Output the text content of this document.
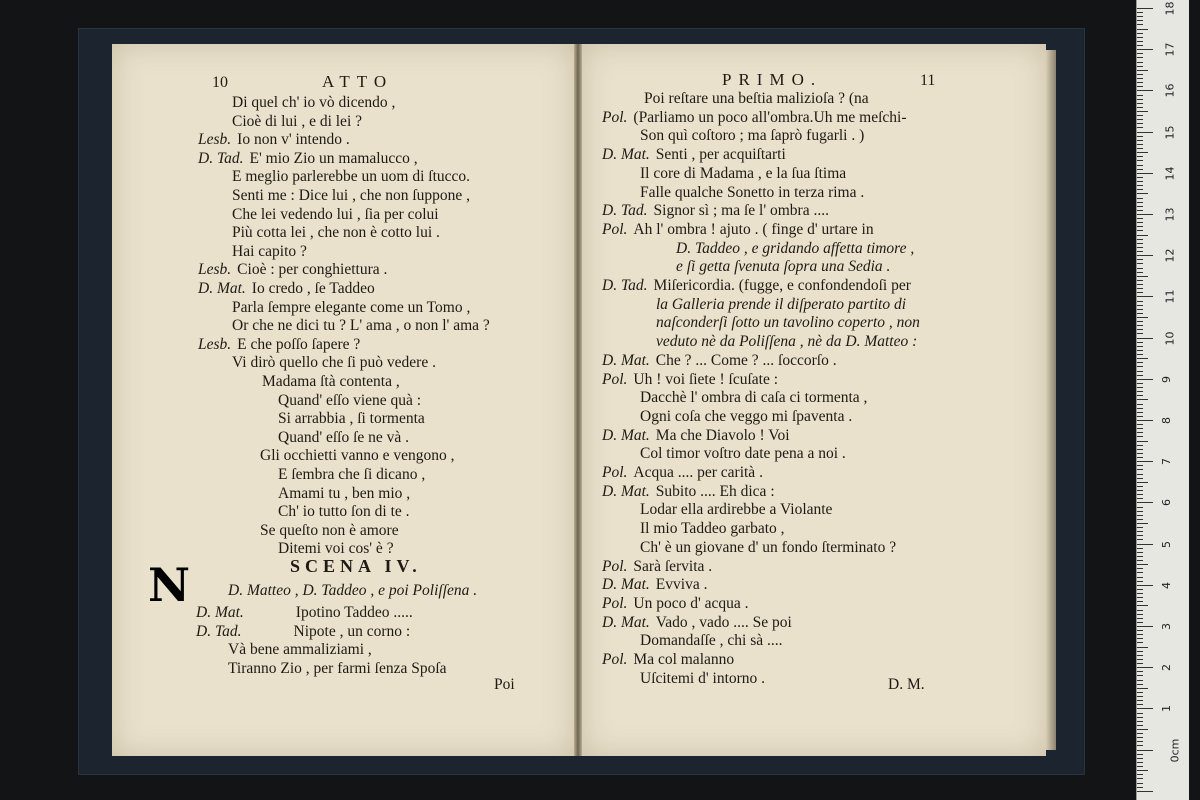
10	ATTO
Di quel ch' io vò dicendo ,
Cioè di lui , e di lei ?
Lesb. Io non v' intendo .
D. Tad. E' mio Zio un mamalucco ,
E meglio parlerebbe un uom di ſtucco.
Senti me : Dice lui , che non ſuppone ,
Che lei vedendo lui , ſia per colui
Più cotta lei , che non è cotto lui .
Hai capito ?
Lesb. Cioè : per conghiettura .
D. Mat. Io credo , ſe Taddeo
Parla ſempre elegante come un Tomo ,
Or che ne dici tu ? L' ama , o non l' ama ?
Lesb. E che poſſo ſapere ?
Vi dirò quello che ſi può vedere .
Madama ſtà contenta ,
Quand' eſſo viene quà :
Si arrabbia , ſi tormenta
Quand' eſſo ſe ne và .
Gli occhietti vanno e vengono ,
E ſembra che ſi dicano ,
Amami tu , ben mio ,
Ch' io tutto ſon di te .
Se queſto non è amore
Ditemi voi cos' è ?
SCENA IV.
D. Matteo , D. Taddeo , e poi Poliſſena .
D. Mat.	Ipotino Taddeo .....
D. Tad.	Nipote , un corno :
Và bene ammaliziami ,
Tiranno Zio , per farmi ſenza Spoſa
Poi
N
PRIMO.	11
Poi reſtare una beſtia malizioſa ? (na
Pol. (Parliamo un poco all'ombra.Uh me meſchi-
Son quì coſtoro ; ma ſaprò fugarli . )
D. Mat. Senti , per acquiſtarti
Il core di Madama , e la ſua ſtima
Falle qualche Sonetto in terza rima .
D. Tad. Signor sì ; ma ſe l' ombra ....
Pol. Ah l' ombra ! ajuto . ( finge d' urtare in
D. Taddeo , e gridando affetta timore ,
e ſi getta ſvenuta ſopra una Sedia .
D. Tad. Miſericordia. (fugge, e confondendoſi per
la Galleria prende il diſperato partito di
naſconderſi ſotto un tavolino coperto , non
veduto nè da Poliſſena , nè da D. Matteo :
D. Mat. Che ? ... Come ? ... ſoccorſo .
Pol. Uh ! voi ſiete ! ſcuſate :
Dacchè l' ombra di caſa ci tormenta ,
Ogni coſa che veggo mi ſpaventa .
D. Mat. Ma che Diavolo ! Voi
Col timor voſtro date pena a noi .
Pol. Acqua .... per carità .
D. Mat. Subito .... Eh dica :
Lodar ella ardirebbe a Violante
Il mio Taddeo garbato ,
Ch' è un giovane d' un fondo ſterminato ?
Pol. Sarà ſervita .
D. Mat. Evviva .
Pol. Un poco d' acqua .
D. Mat. Vado , vado .... Se poi
Domandaſſe , chi sà ....
Pol. Ma col malanno
Uſcitemi d' intorno .	D. M.
18
17
16
15
14
13
12
11
10
9
8
7
6
5
4
3
2
1
0cm
